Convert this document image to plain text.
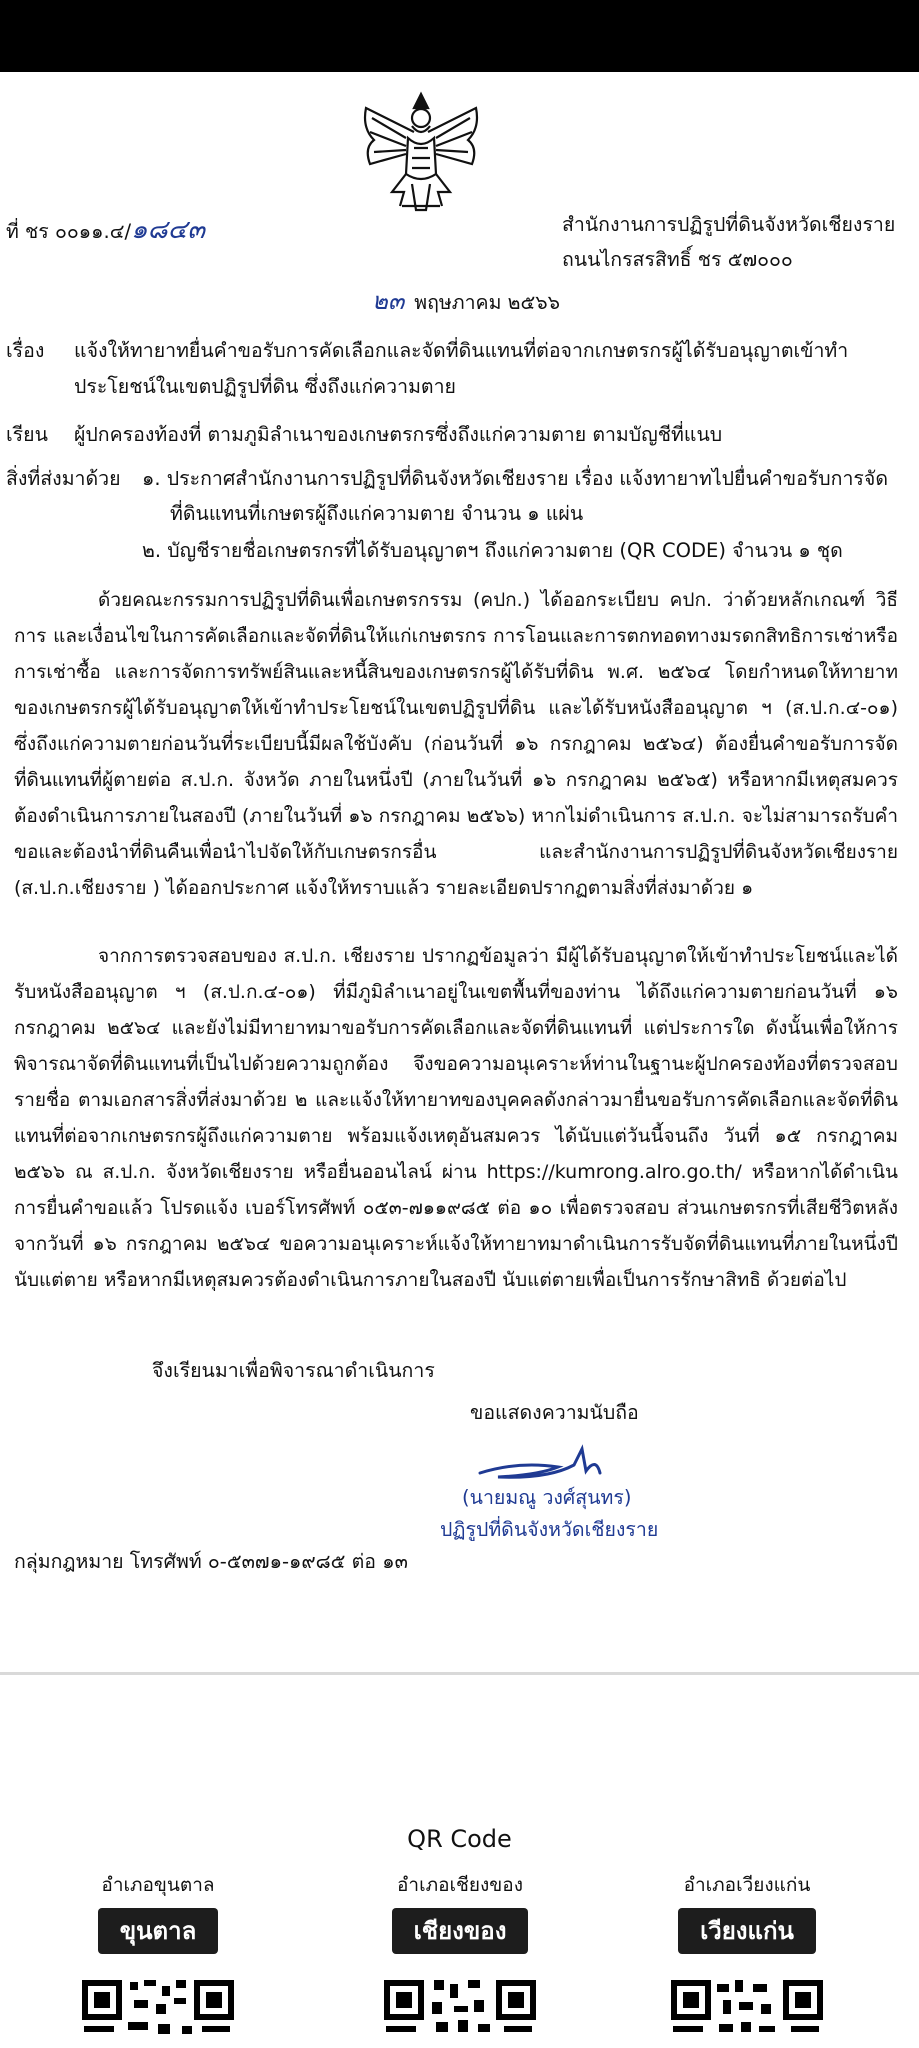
ที่ ชร ๐๐๑๑.๔/๑๘๔๓	สำนักงานการปฏิรูปที่ดินจังหวัดเชียงราย
ถนนไกรสรสิทธิ์ ชร ๕๗๐๐๐
๒๓ พฤษภาคม ๒๕๖๖
เรื่อง แจ้งให้ทายาทยื่นคำขอรับการคัดเลือกและจัดที่ดินแทนที่ต่อจากเกษตรกรผู้ได้รับอนุญาตเข้าทำ
ประโยชน์ในเขตปฏิรูปที่ดิน ซึ่งถึงแก่ความตาย
เรียน ผู้ปกครองท้องที่ ตามภูมิลำเนาของเกษตรกรซึ่งถึงแก่ความตาย ตามบัญชีที่แนบ
สิ่งที่ส่งมาด้วย ๑. ประกาศสำนักงานการปฏิรูปที่ดินจังหวัดเชียงราย เรื่อง แจ้งทายาทไปยื่นคำขอรับการจัด
ที่ดินแทนที่เกษตรผู้ถึงแก่ความตาย จำนวน ๑ แผ่น
๒. บัญชีรายชื่อเกษตรกรที่ได้รับอนุญาตฯ ถึงแก่ความตาย (QR CODE) จำนวน ๑ ชุด

ด้วยคณะกรรมการปฏิรูปที่ดินเพื่อเกษตรกรรม (คปก.) ได้ออกระเบียบ คปก. ว่าด้วยหลักเกณฑ์ วิธีการ และเงื่อนไขในการคัดเลือกและจัดที่ดินให้แก่เกษตรกร การโอนและการตกทอดทางมรดกสิทธิการเช่าหรือการเช่าซื้อ และการจัดการทรัพย์สินและหนี้สินของเกษตรกรผู้ได้รับที่ดิน พ.ศ. ๒๕๖๔ โดยกำหนดให้ทายาทของเกษตรกรผู้ได้รับอนุญาตให้เข้าทำประโยชน์ในเขตปฏิรูปที่ดิน และได้รับหนังสืออนุญาต ฯ (ส.ป.ก.๔-๐๑) ซึ่งถึงแก่ความตายก่อนวันที่ระเบียบนี้มีผลใช้บังคับ (ก่อนวันที่ ๑๖ กรกฎาคม ๒๕๖๔) ต้องยื่นคำขอรับการจัดที่ดินแทนที่ผู้ตายต่อ ส.ป.ก. จังหวัด ภายในหนึ่งปี (ภายในวันที่ ๑๖ กรกฎาคม ๒๕๖๕) หรือหากมีเหตุสมควรต้องดำเนินการภายในสองปี (ภายในวันที่ ๑๖ กรกฎาคม ๒๕๖๖) หากไม่ดำเนินการ ส.ป.ก. จะไม่สามารถรับคำขอและต้องนำที่ดินคืนเพื่อนำไปจัดให้กับเกษตรกรอื่น และสำนักงานการปฏิรูปที่ดินจังหวัดเชียงราย (ส.ป.ก.เชียงราย ) ได้ออกประกาศ แจ้งให้ทราบแล้ว รายละเอียดปรากฏตามสิ่งที่ส่งมาด้วย ๑

จากการตรวจสอบของ ส.ป.ก. เชียงราย ปรากฏข้อมูลว่า มีผู้ได้รับอนุญาตให้เข้าทำประโยชน์และได้รับหนังสืออนุญาต ฯ (ส.ป.ก.๔-๐๑) ที่มีภูมิลำเนาอยู่ในเขตพื้นที่ของท่าน ได้ถึงแก่ความตายก่อนวันที่ ๑๖ กรกฎาคม ๒๕๖๔ และยังไม่มีทายาทมาขอรับการคัดเลือกและจัดที่ดินแทนที่ แต่ประการใด ดังนั้นเพื่อให้การพิจารณาจัดที่ดินแทนที่เป็นไปด้วยความถูกต้อง จึงขอความอนุเคราะห์ท่านในฐานะผู้ปกครองท้องที่ตรวจสอบรายชื่อ ตามเอกสารสิ่งที่ส่งมาด้วย ๒ และแจ้งให้ทายาทของบุคคลดังกล่าวมายื่นขอรับการคัดเลือกและจัดที่ดินแทนที่ต่อจากเกษตรกรผู้ถึงแก่ความตาย พร้อมแจ้งเหตุอันสมควร ได้นับแต่วันนี้จนถึง วันที่ ๑๕ กรกฎาคม ๒๕๖๖ ณ ส.ป.ก. จังหวัดเชียงราย หรือยื่นออนไลน์ ผ่าน https://kumrong.alro.go.th/ หรือหากได้ดำเนินการยื่นคำขอแล้ว โปรดแจ้ง เบอร์โทรศัพท์ ๐๕๓-๗๑๑๙๘๕ ต่อ ๑๐ เพื่อตรวจสอบ ส่วนเกษตรกรที่เสียชีวิตหลังจากวันที่ ๑๖ กรกฎาคม ๒๕๖๔ ขอความอนุเคราะห์แจ้งให้ทายาทมาดำเนินการรับจัดที่ดินแทนที่ภายในหนึ่งปีนับแต่ตาย หรือหากมีเหตุสมควรต้องดำเนินการภายในสองปี นับแต่ตายเพื่อเป็นการรักษาสิทธิ ด้วยต่อไป

จึงเรียนมาเพื่อพิจารณาดำเนินการ
ขอแสดงความนับถือ
(นายมณู วงศ์สุนทร)
ปฏิรูปที่ดินจังหวัดเชียงราย
กลุ่มกฎหมาย โทรศัพท์ ๐-๕๓๗๑-๑๙๘๕ ต่อ ๑๓
QR Code
อำเภอขุนตาล
ขุนตาล
อำเภอเชียงของ
เชียงของ
อำเภอเวียงแก่น
เวียงแก่น
